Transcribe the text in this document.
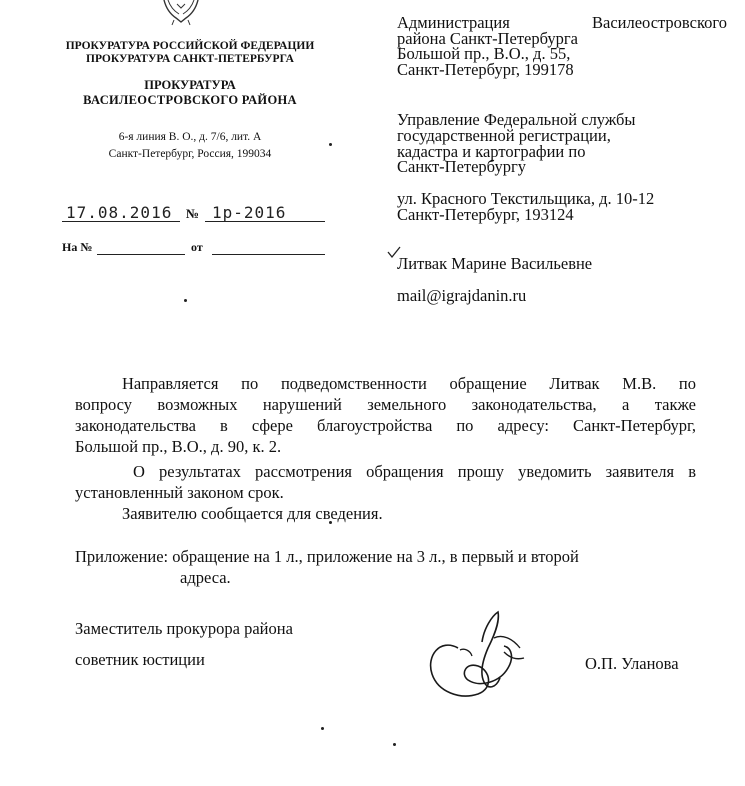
ПРОКУРАТУРА РОССИЙСКОЙ ФЕДЕРАЦИИ
ПРОКУРАТУРА САНКТ-ПЕТЕРБУРГА
ПРОКУРАТУРА
ВАСИЛЕОСТРОВСКОГО РАЙОНА
6-я линия В. О., д. 7/6, лит. А
Санкт-Петербург, Россия, 199034
17.08.2016 № 1р-2016
На №	от
Администрация	Василеостровского
района Санкт-Петербурга
Большой пр., В.О., д. 55,
Санкт-Петербург, 199178
Управление Федеральной службы
государственной регистрации,
кадастра и картографии по
Санкт-Петербургу
ул. Красного Текстильщика, д. 10-12
Санкт-Петербург, 193124
Литвак Марине Васильевне
mail@igrajdanin.ru
Направляется по подведомственности обращение Литвак М.В. по
вопросу возможных нарушений земельного законодательства, а также
законодательства в сфере благоустройства по адресу: Санкт-Петербург,
Большой пр., В.О., д. 90, к. 2.
О результатах рассмотрения обращения прошу уведомить заявителя в
установленный законом срок.
Заявителю сообщается для сведения.
Приложение: обращение на 1 л., приложение на 3 л., в первый и второй
адреса.
Заместитель прокурора района
советник юстиции	О.П. Уланова
